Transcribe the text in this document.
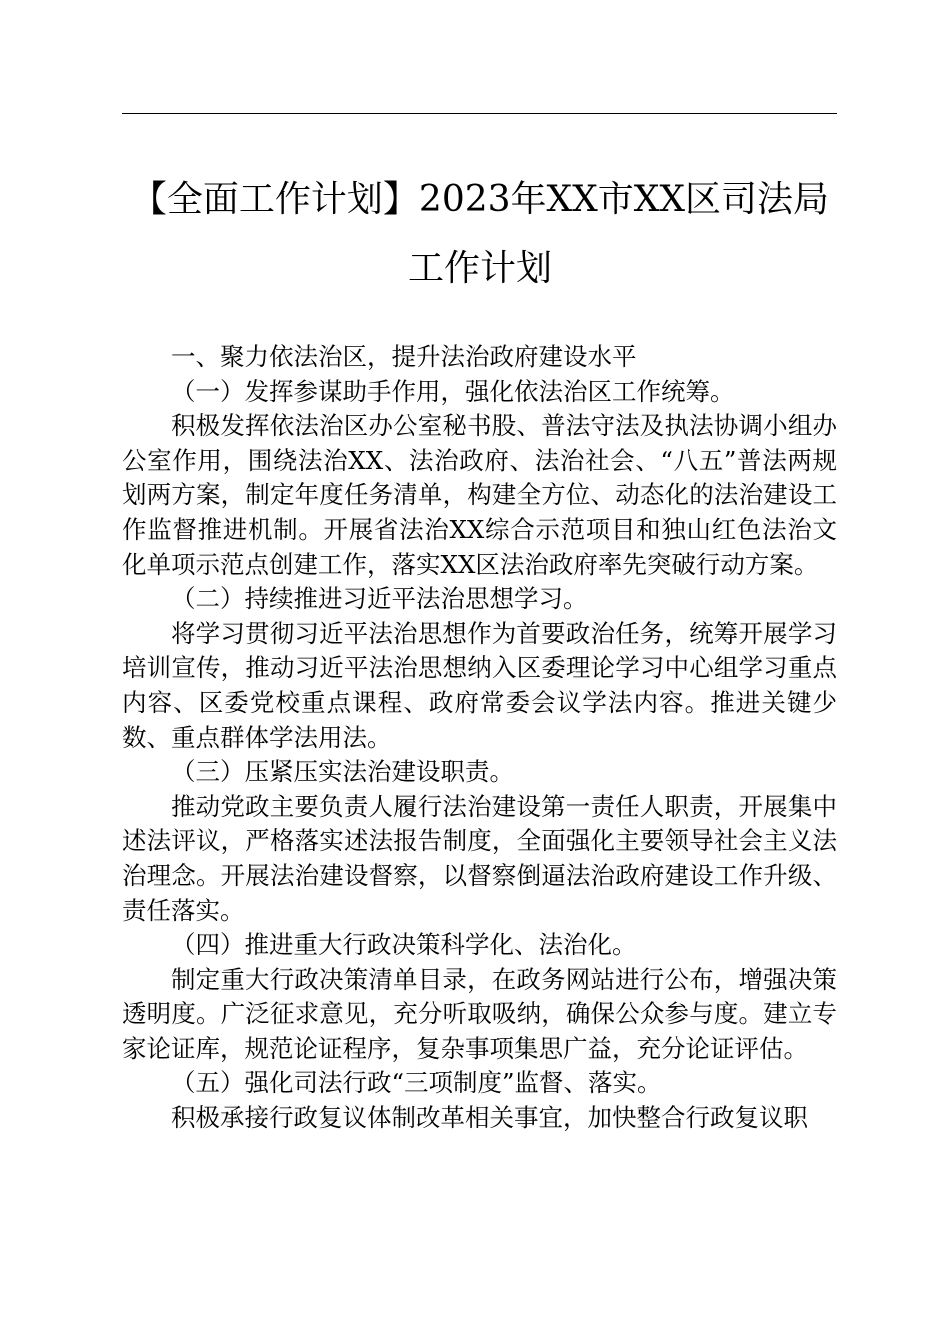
【全面工作计划】2023年XX市XX区司法局
工作计划

一、聚力依法治区，提升法治政府建设水平

（一）发挥参谋助手作用，强化依法治区工作统筹。

积极发挥依法治区办公室秘书股、普法守法及执法协调小组办公室作用，围绕法治XX、法治政府、法治社会、“八五”普法两规划两方案，制定年度任务清单，构建全方位、动态化的法治建设工作监督推进机制。开展省法治XX综合示范项目和独山红色法治文化单项示范点创建工作，落实XX区法治政府率先突破行动方案。

（二）持续推进习近平法治思想学习。

将学习贯彻习近平法治思想作为首要政治任务，统筹开展学习培训宣传，推动习近平法治思想纳入区委理论学习中心组学习重点内容、区委党校重点课程、政府常委会议学法内容。推进关键少数、重点群体学法用法。

（三）压紧压实法治建设职责。

推动党政主要负责人履行法治建设第一责任人职责，开展集中述法评议，严格落实述法报告制度，全面强化主要领导社会主义法治理念。开展法治建设督察，以督察倒逼法治政府建设工作升级、责任落实。

（四）推进重大行政决策科学化、法治化。

制定重大行政决策清单目录，在政务网站进行公布，增强决策透明度。广泛征求意见，充分听取吸纳，确保公众参与度。建立专家论证库，规范论证程序，复杂事项集思广益，充分论证评估。

（五）强化司法行政“三项制度”监督、落实。

积极承接行政复议体制改革相关事宜，加快整合行政复议职
